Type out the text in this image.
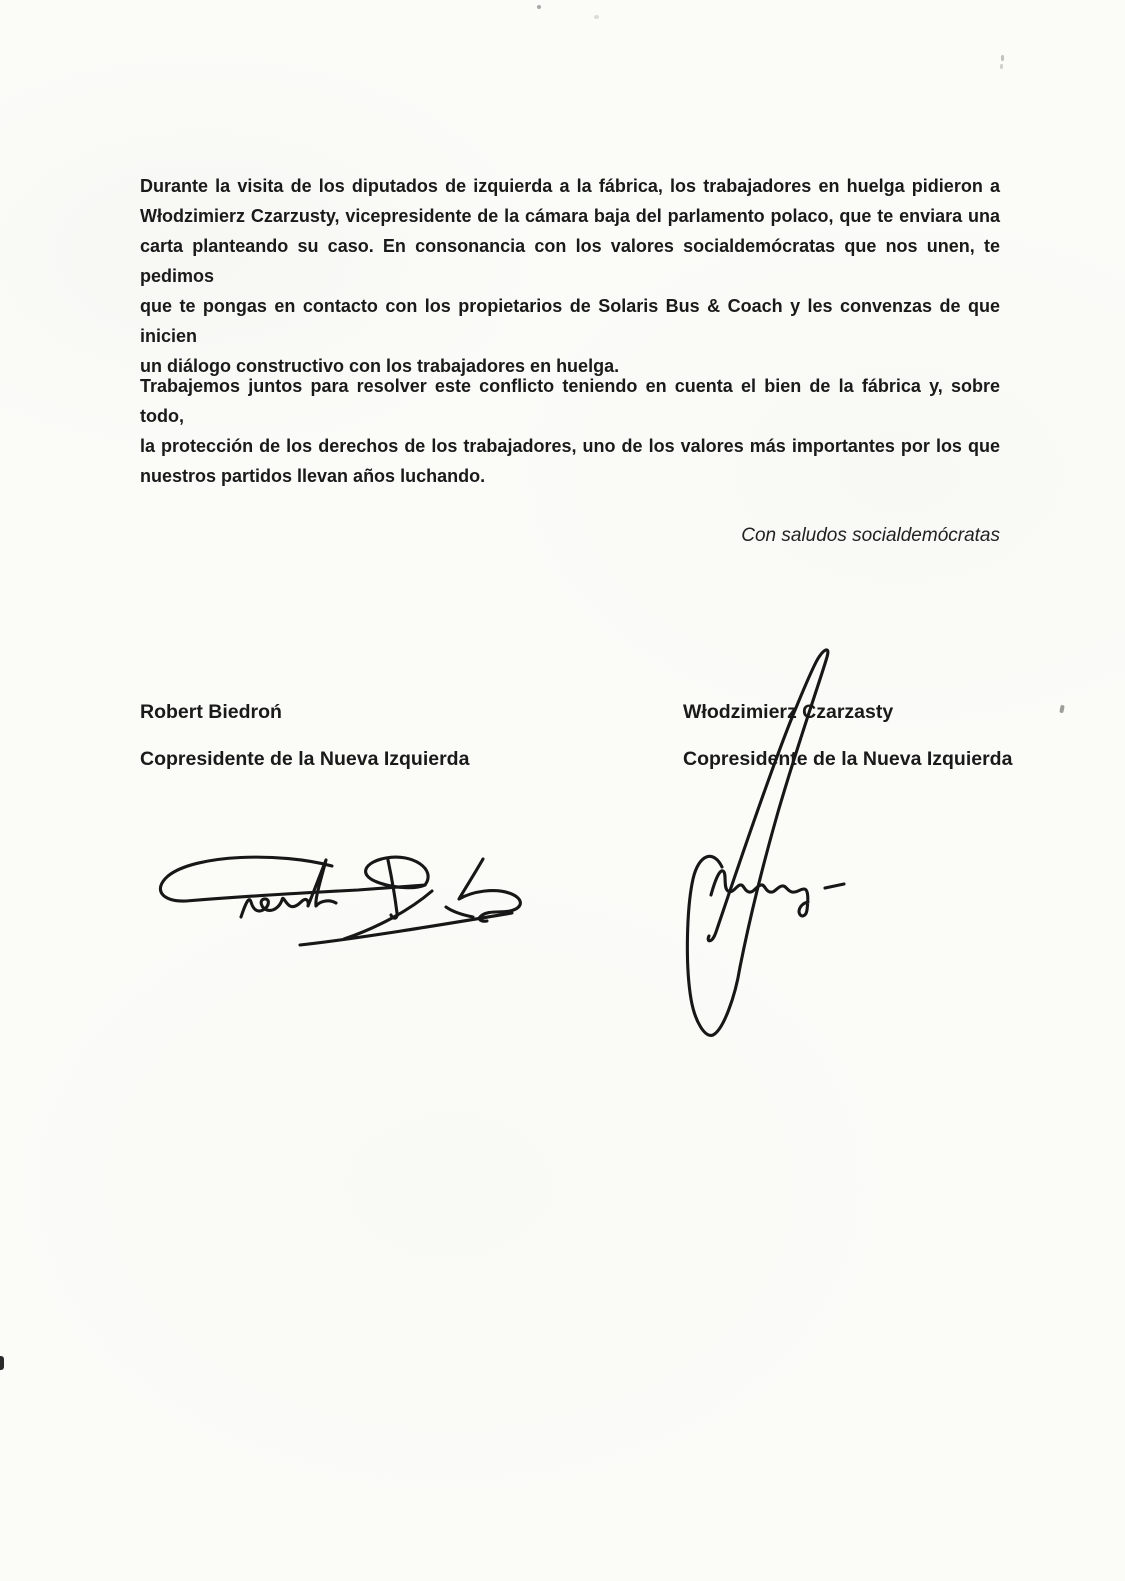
Durante la visita de los diputados de izquierda a la fábrica, los trabajadores en huelga pidieron a
Włodzimierz Czarzusty, vicepresidente de la cámara baja del parlamento polaco, que te enviara una
carta planteando su caso. En consonancia con los valores socialdemócratas que nos unen, te pedimos
que te pongas en contacto con los propietarios de Solaris Bus & Coach y les convenzas de que inicien
un diálogo constructivo con los trabajadores en huelga.
Trabajemos juntos para resolver este conflicto teniendo en cuenta el bien de la fábrica y, sobre todo,
la protección de los derechos de los trabajadores, uno de los valores más importantes por los que
nuestros partidos llevan años luchando.
Con saludos socialdemócratas
Robert Biedroń	Włodzimierz Czarzasty
Copresidente de la Nueva Izquierda	Copresidente de la Nueva Izquierda
